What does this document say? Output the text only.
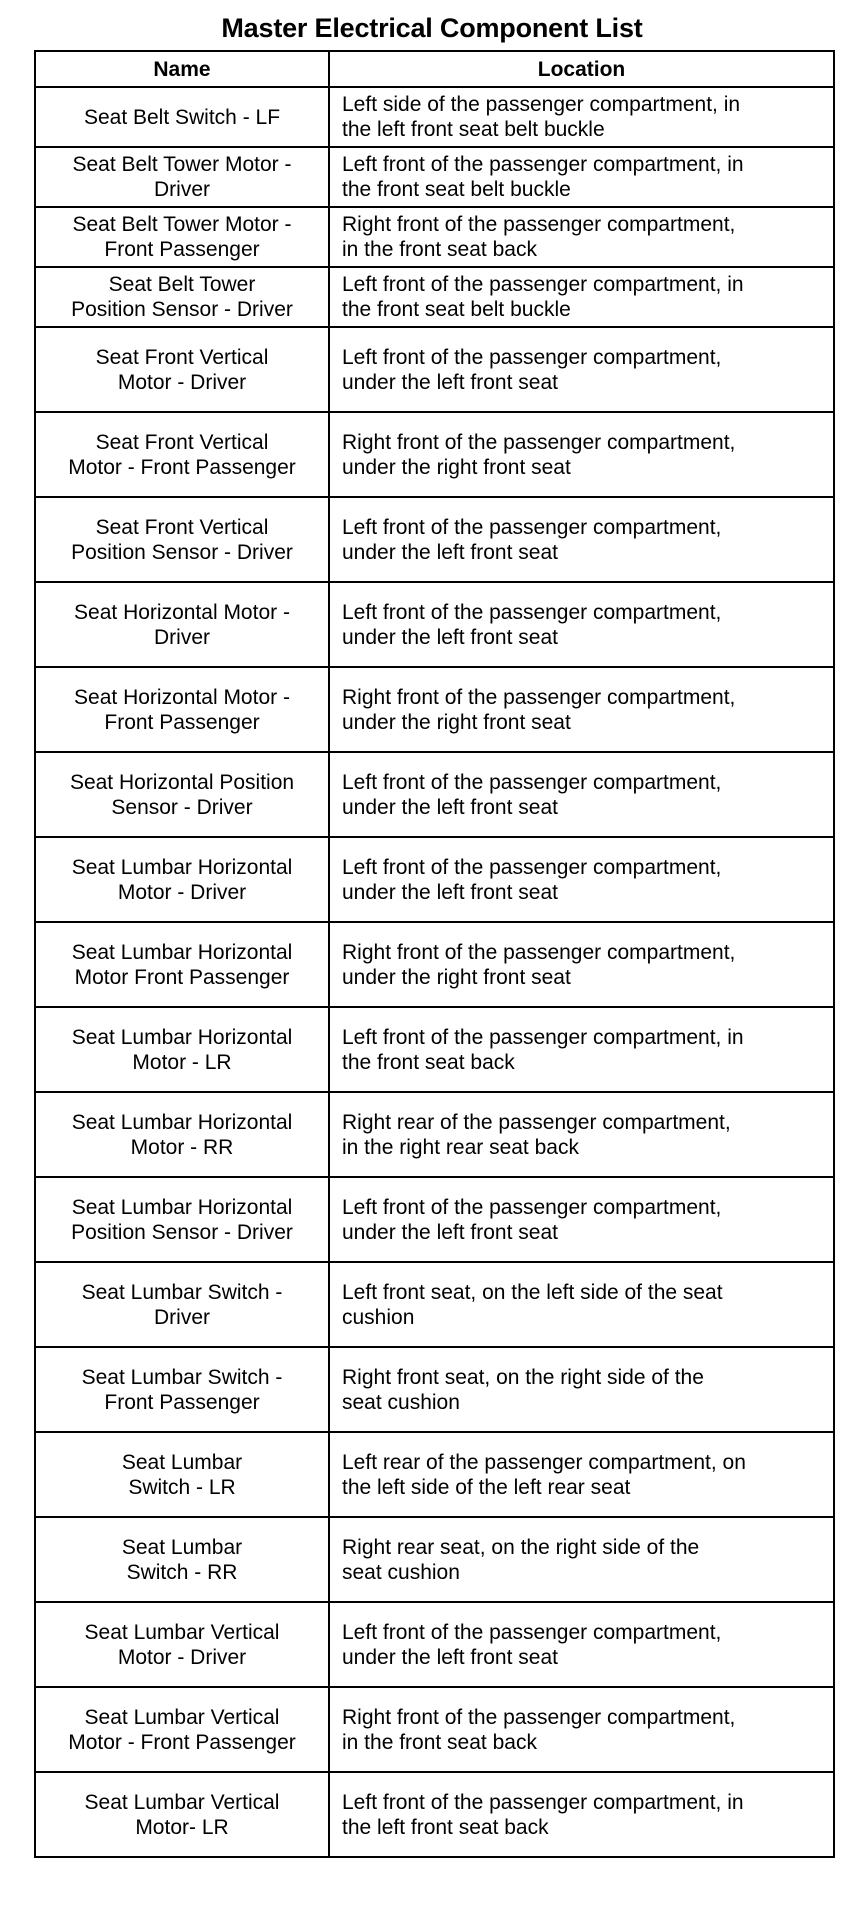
Master Electrical Component List
Name	Location

Seat Belt Switch - LF	Left side of the passenger compartment, in
the left front seat belt buckle

Seat Belt Tower Motor -
Driver	Left front of the passenger compartment, in
the front seat belt buckle

Seat Belt Tower Motor -
Front Passenger	Right front of the passenger compartment,
in the front seat back

Seat Belt Tower
Position Sensor - Driver	Left front of the passenger compartment, in
the front seat belt buckle

Seat Front Vertical
Motor - Driver	Left front of the passenger compartment,
under the left front seat

Seat Front Vertical
Motor - Front Passenger	Right front of the passenger compartment,
under the right front seat

Seat Front Vertical
Position Sensor - Driver	Left front of the passenger compartment,
under the left front seat

Seat Horizontal Motor -
Driver	Left front of the passenger compartment,
under the left front seat

Seat Horizontal Motor -
Front Passenger	Right front of the passenger compartment,
under the right front seat

Seat Horizontal Position
Sensor - Driver	Left front of the passenger compartment,
under the left front seat

Seat Lumbar Horizontal
Motor - Driver	Left front of the passenger compartment,
under the left front seat

Seat Lumbar Horizontal
Motor Front Passenger	Right front of the passenger compartment,
under the right front seat

Seat Lumbar Horizontal
Motor - LR	Left front of the passenger compartment, in
the front seat back

Seat Lumbar Horizontal
Motor - RR	Right rear of the passenger compartment,
in the right rear seat back

Seat Lumbar Horizontal
Position Sensor - Driver	Left front of the passenger compartment,
under the left front seat

Seat Lumbar Switch -
Driver	Left front seat, on the left side of the seat
cushion

Seat Lumbar Switch -
Front Passenger	Right front seat, on the right side of the
seat cushion

Seat Lumbar
Switch - LR	Left rear of the passenger compartment, on
the left side of the left rear seat

Seat Lumbar
Switch - RR	Right rear seat, on the right side of the
seat cushion

Seat Lumbar Vertical
Motor - Driver	Left front of the passenger compartment,
under the left front seat

Seat Lumbar Vertical
Motor - Front Passenger	Right front of the passenger compartment,
in the front seat back

Seat Lumbar Vertical
Motor- LR	Left front of the passenger compartment, in
the left front seat back
